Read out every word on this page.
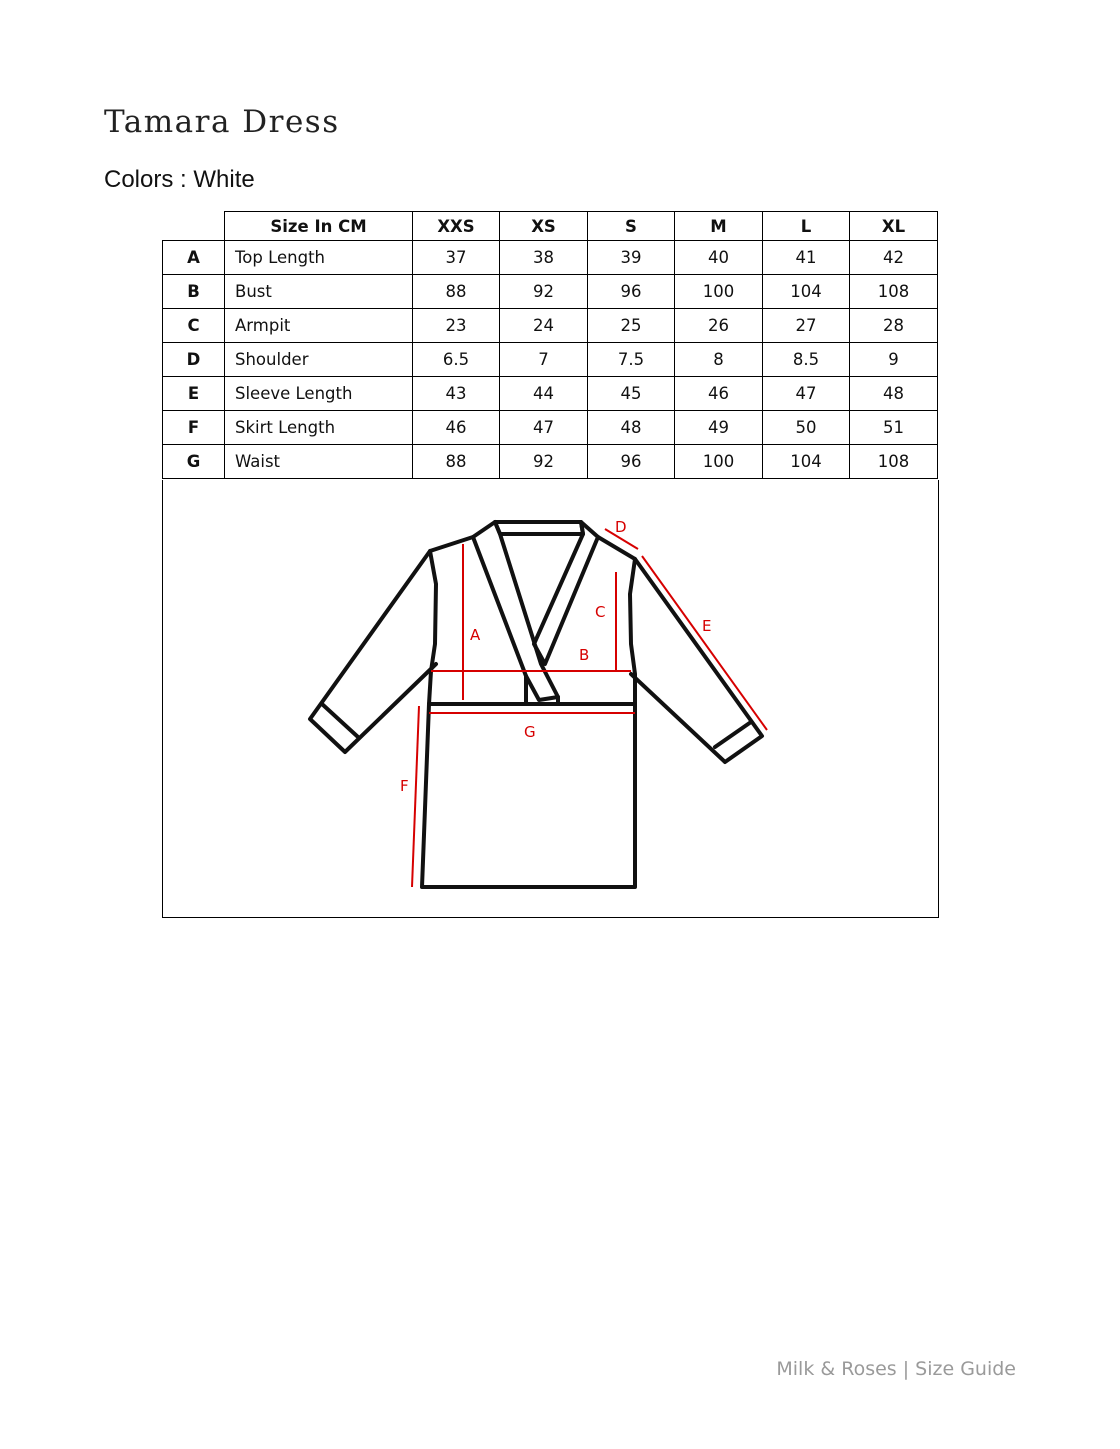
Tamara Dress
Colors : White
	Size In CM	XXS	XS	S	M	L	XL
A	Top Length	37	38	39	40	41	42
B	Bust	88	92	96	100	104	108
C	Armpit	23	24	25	26	27	28
D	Shoulder	6.5	7	7.5	8	8.5	9
E	Sleeve Length	43	44	45	46	47	48
F	Skirt Length	46	47	48	49	50	51
G	Waist	88	92	96	100	104	108
A
B
C
D
E
F
G
Milk & Roses | Size Guide
